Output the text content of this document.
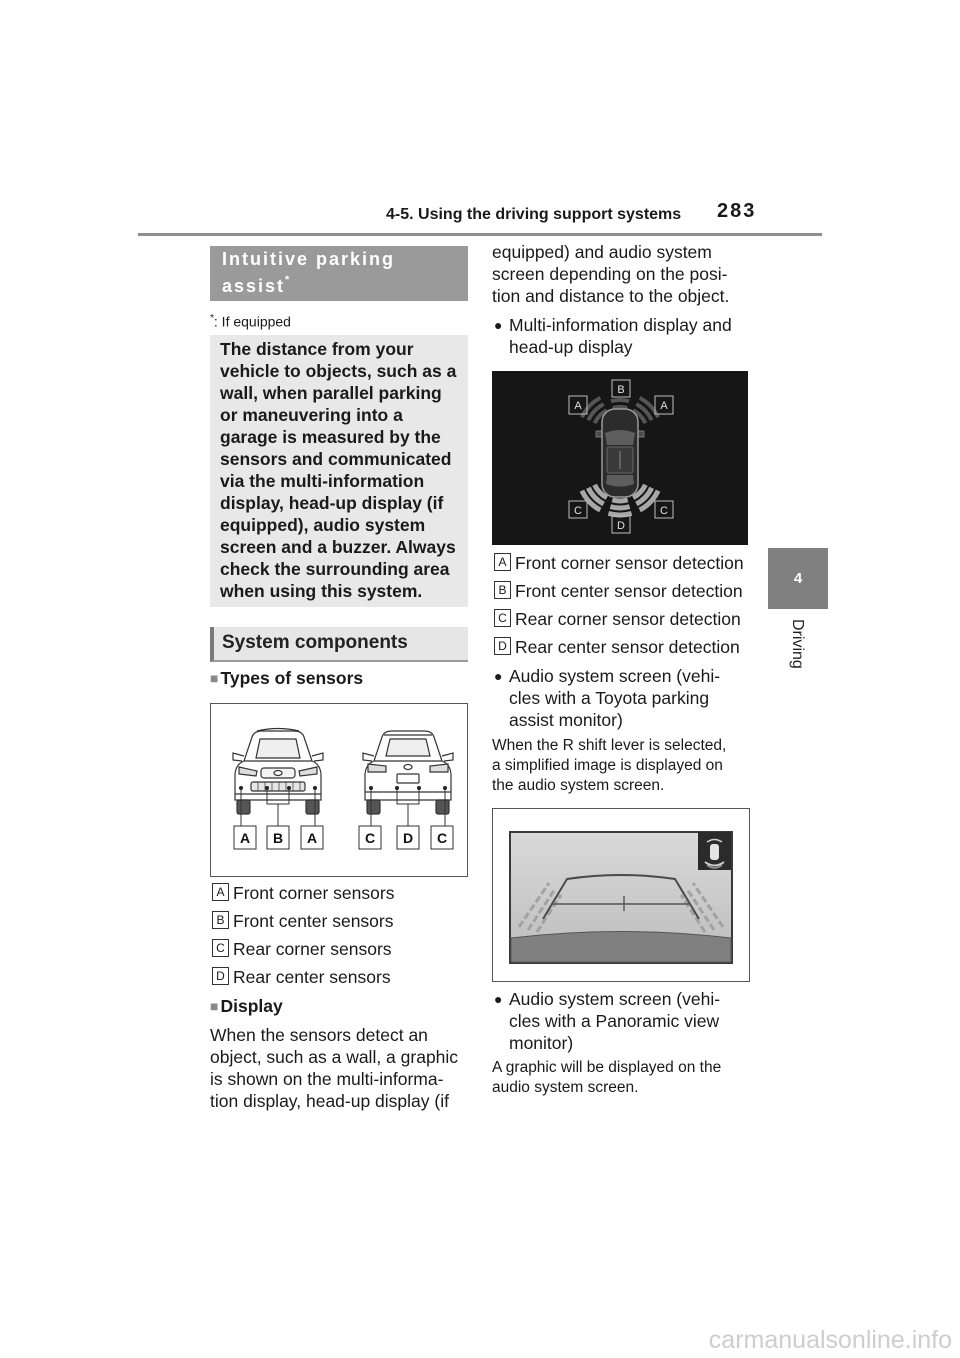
4-5. Using the driving support systems 283
4
Driving
Intuitive parking
assist*
*: If equipped
The distance from your
vehicle to objects, such as a
wall, when parallel parking
or maneuvering into a
garage is measured by the
sensors and communicated
via the multi-information
display, head-up display (if
equipped), audio system
screen and a buzzer. Always
check the surrounding area
when using this system.
System components
■ Types of sensors
A B A	C D C
A Front corner sensors
B Front center sensors
C Rear corner sensors
D Rear center sensors
■ Display
When the sensors detect an
object, such as a wall, a graphic
is shown on the multi-informa-
tion display, head-up display (if
equipped) and audio system
screen depending on the posi-
tion and distance to the object.
● Multi-information display and
head-up display
A
B
A
C
D
C
A Front corner sensor detection
B Front center sensor detection
C Rear corner sensor detection
D Rear center sensor detection
● Audio system screen (vehi-
cles with a Toyota parking
assist monitor)
When the R shift lever is selected,
a simplified image is displayed on
the audio system screen.
● Audio system screen (vehi-
cles with a Panoramic view
monitor)
A graphic will be displayed on the
audio system screen.
carmanualsonline.info
